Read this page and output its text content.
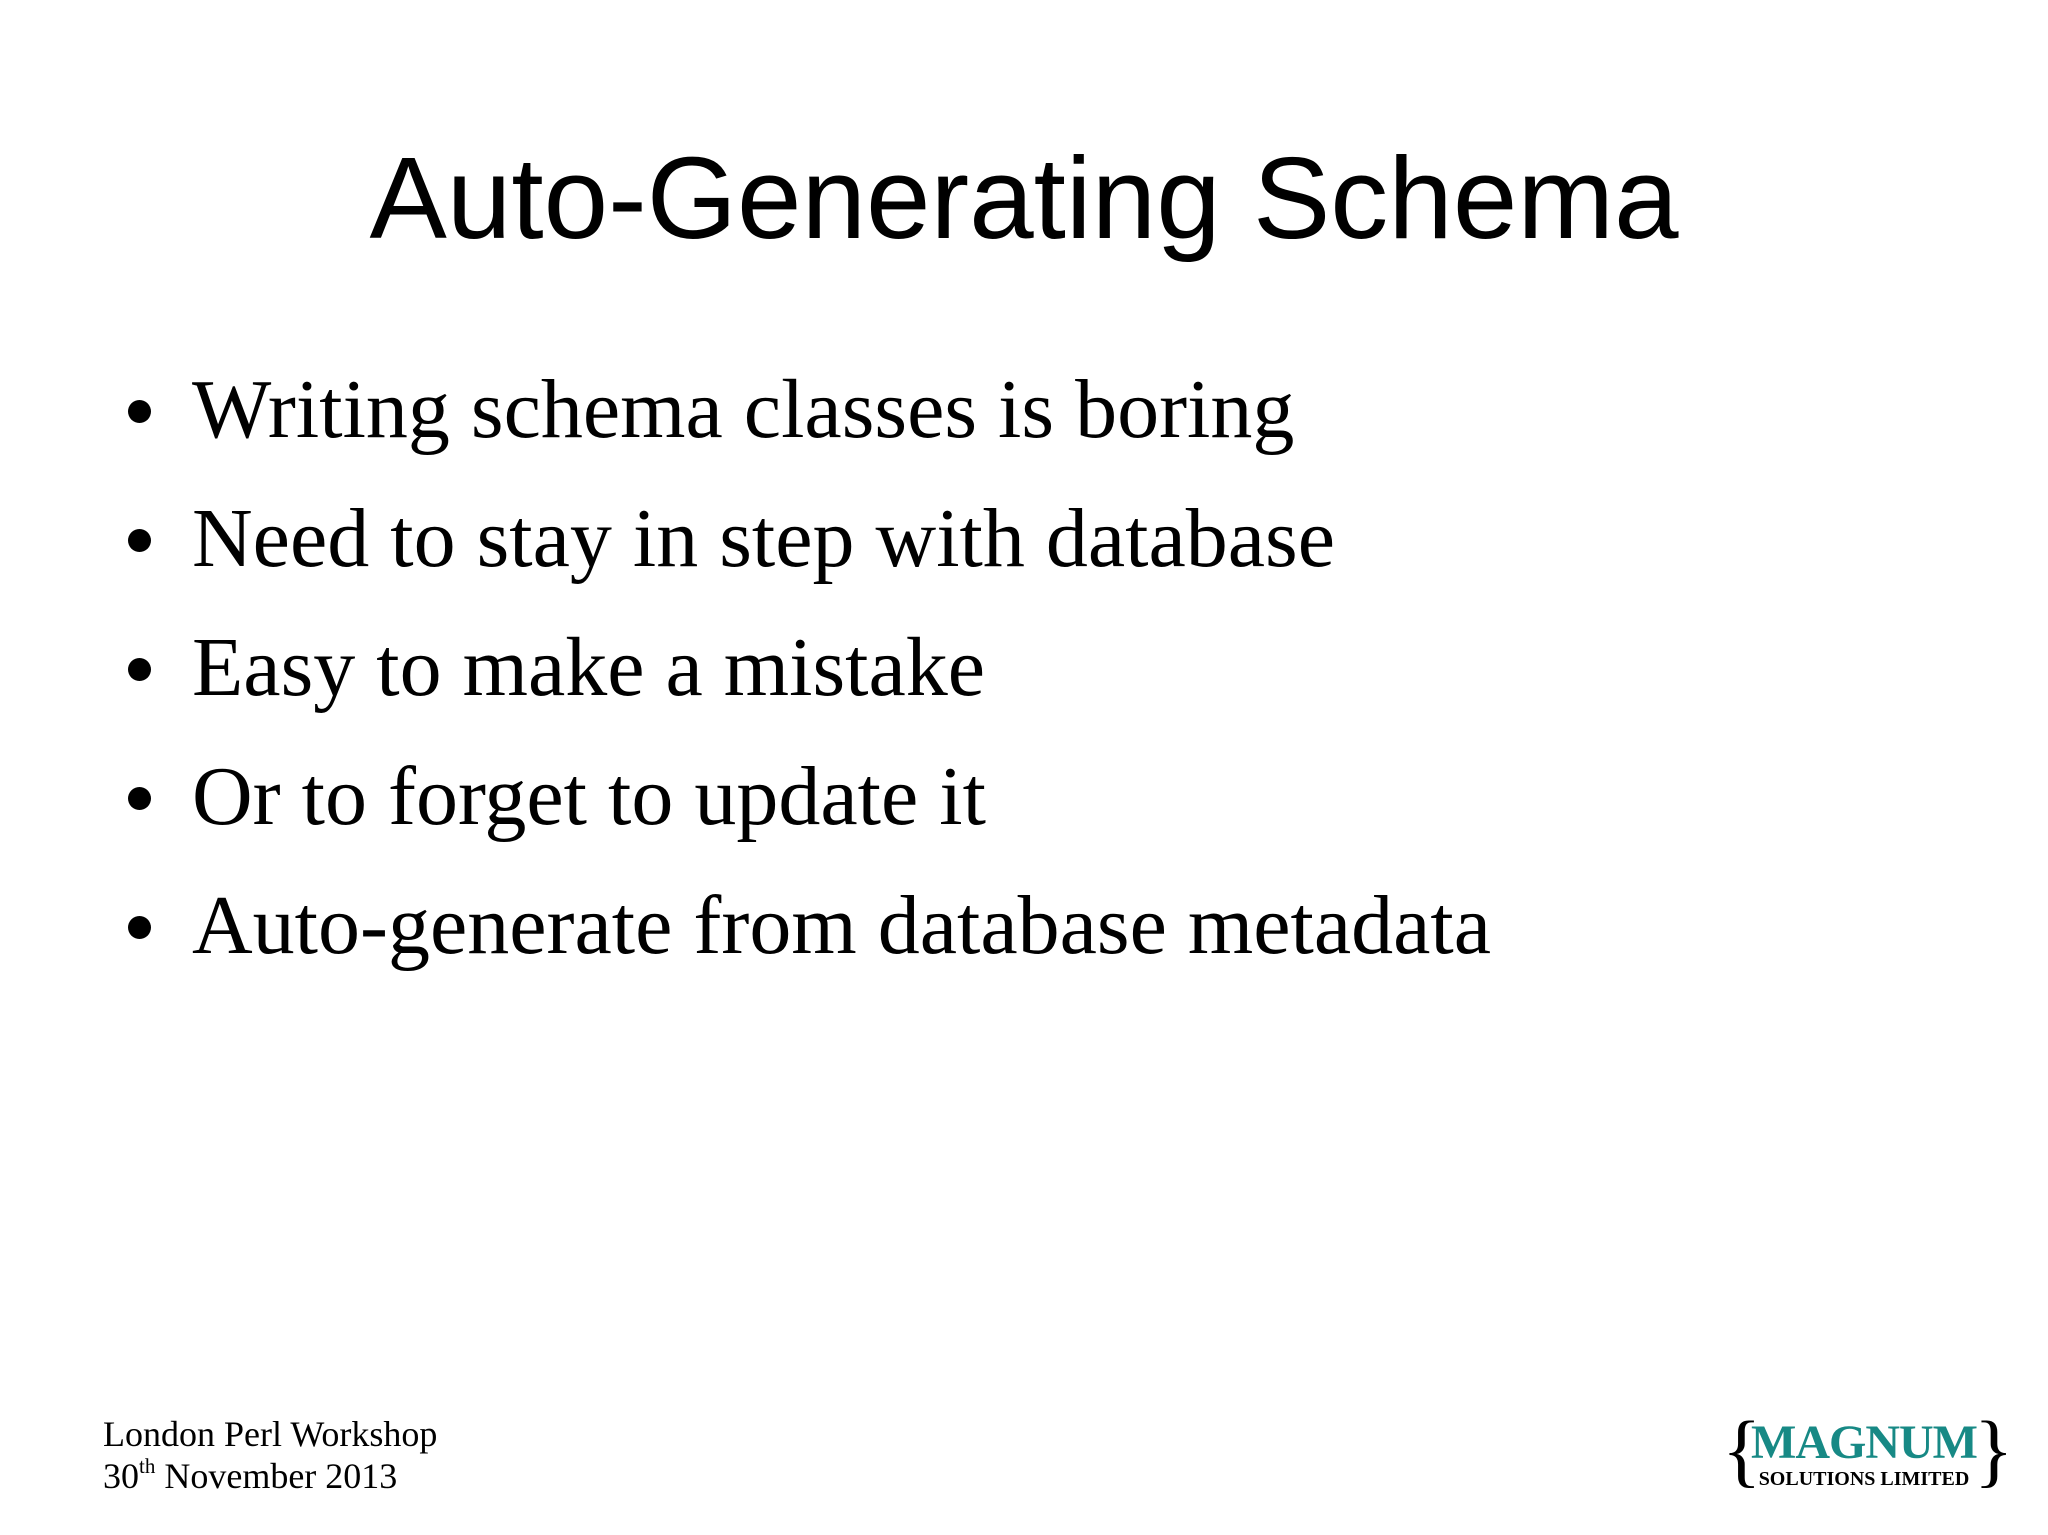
Auto-Generating Schema
Writing schema classes is boring
Need to stay in step with database
Easy to make a mistake
Or to forget to update it
Auto-generate from database metadata
London Perl Workshop
30th November 2013	{
MAGNUM
SOLUTIONS LIMITED }
